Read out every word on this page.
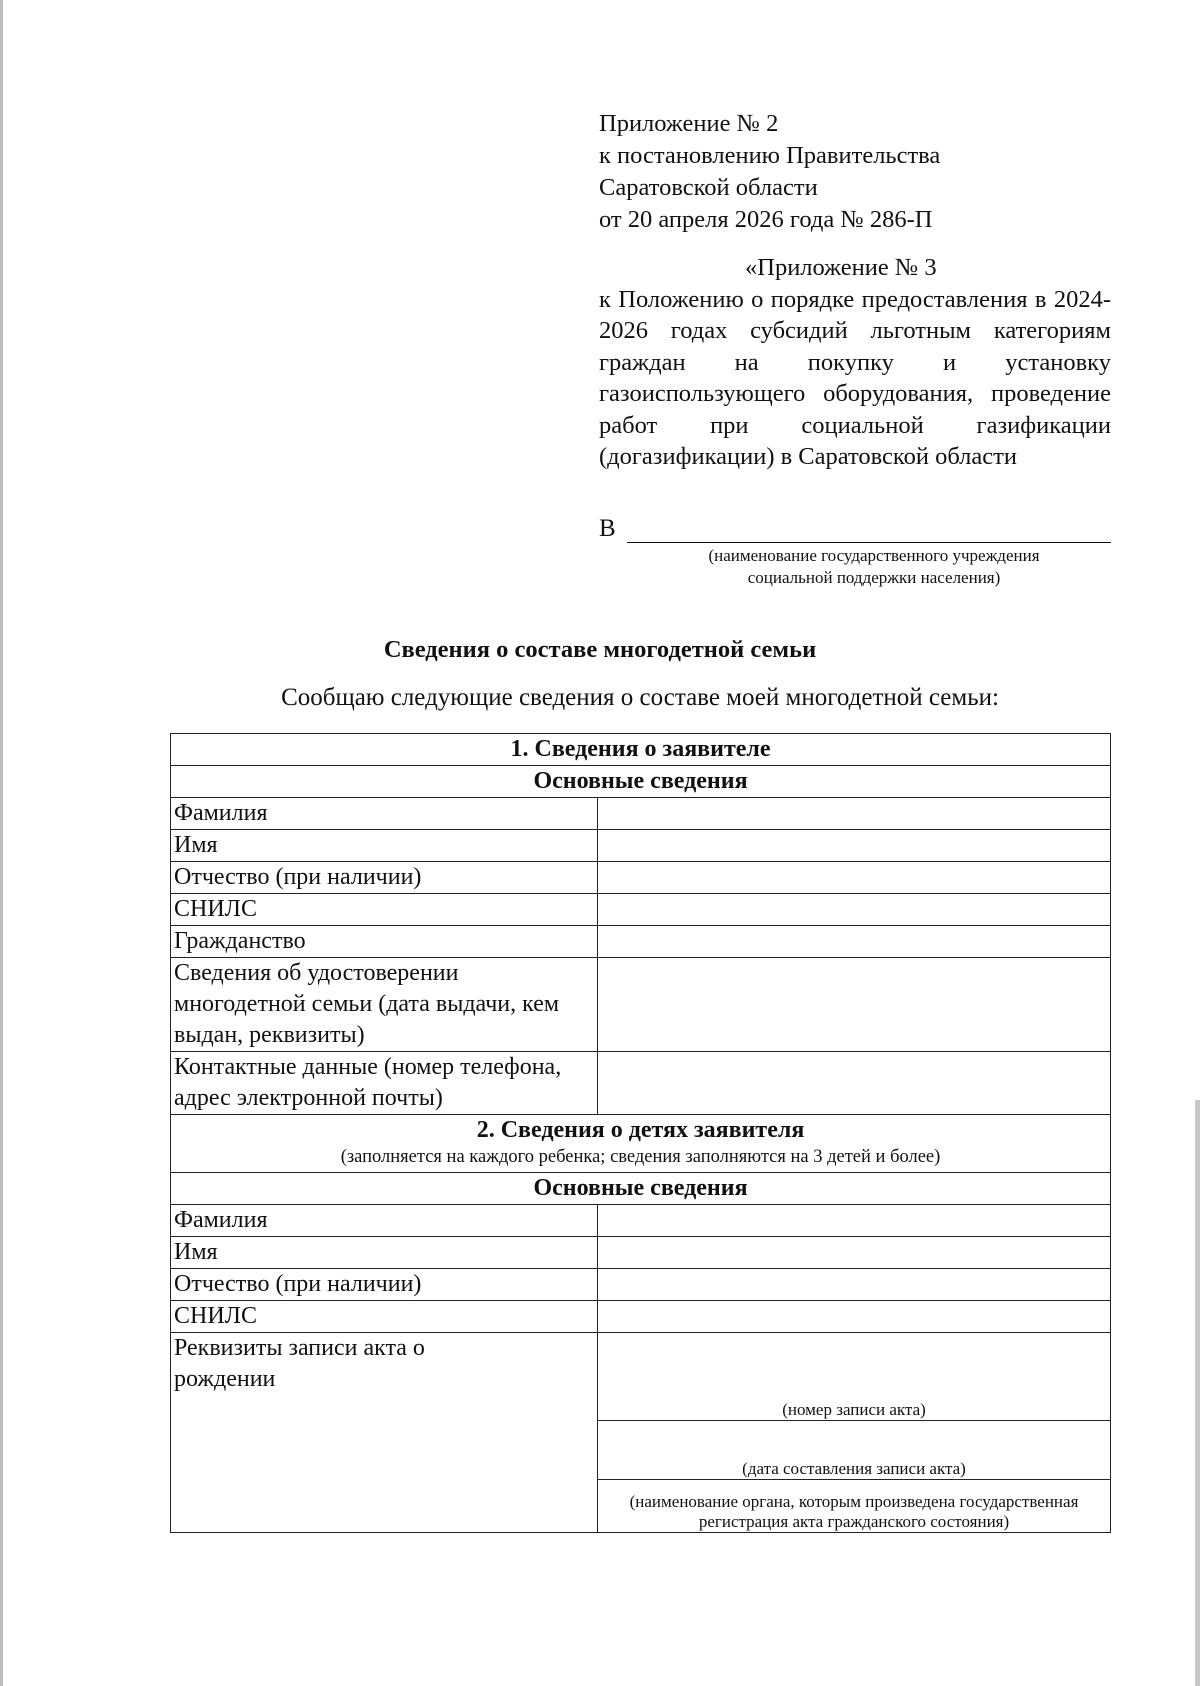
Приложение № 2

к постановлению Правительства

Саратовской области

от 20 апреля 2026 года № 286-П

«Приложение № 3

к Положению о порядке предоставления в 2024-2026 годах субсидий льготным категориям граждан на покупку и установку газоиспользующего оборудования, проведение работ при социальной газификации (догазификации) в Саратовской области

В
(наименование государственного учреждения социальной поддержки населения)
Сведения о составе многодетной семьи
Сообщаю следующие сведения о составе моей многодетной семьи:
1. Сведения о заявителе	
Основные сведения	
Фамилия	
Имя	
Отчество (при наличии)	
СНИЛС	
Гражданство	
Сведения об удостоверении многодетной семьи (дата выдачи, кем выдан, реквизиты)	
Контактные данные (номер телефона, адрес электронной почты)	

2. Сведения о детях заявителя
(заполняется на каждого ребенка; сведения заполняются на 3 детей и более)	

Основные сведения	
Фамилия	
Имя	
Отчество (при наличии)	
СНИЛС	
Реквизиты записи акта о рождении	(номер записи акта)
	(дата составления записи акта)
	(наименование органа, которым произведена государственная регистрация акта гражданского состояния)
